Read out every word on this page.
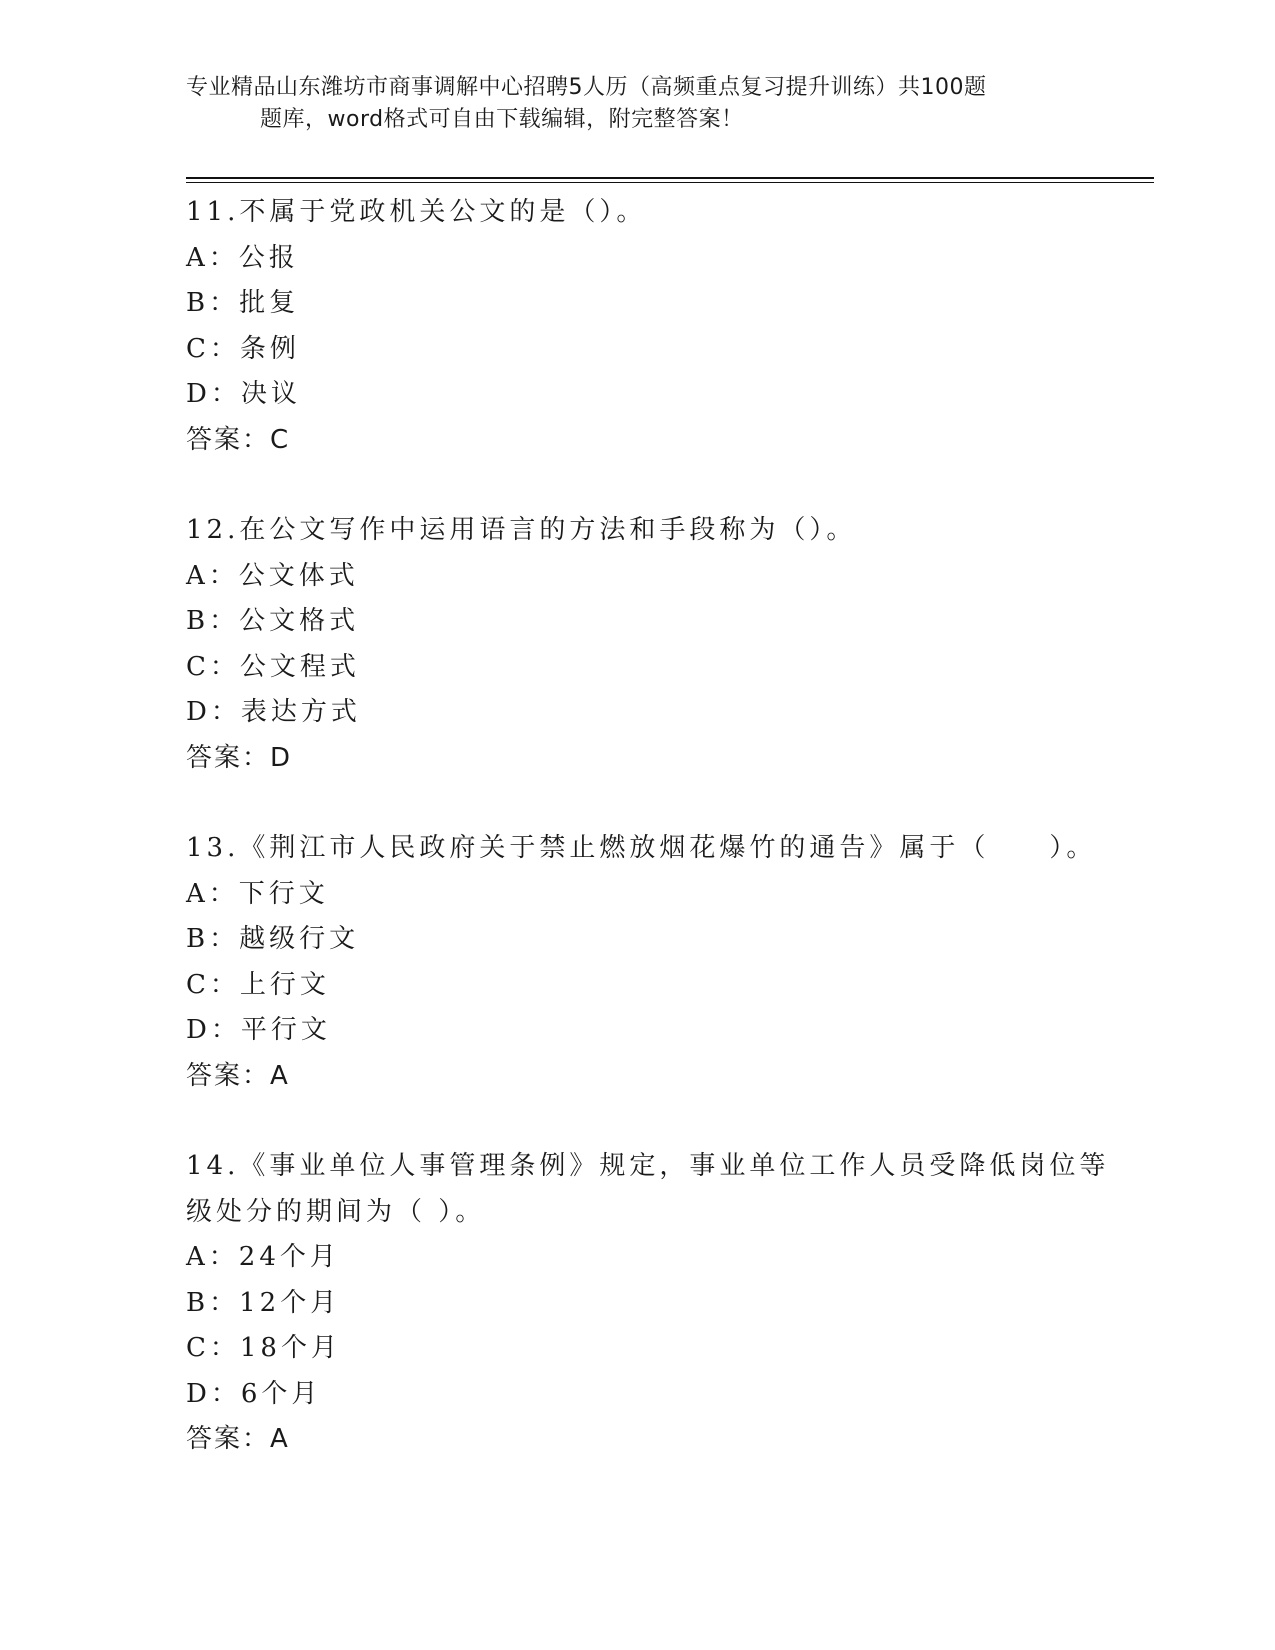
专业精品山东潍坊市商事调解中心招聘5人历（高频重点复习提升训练）共100题
题库，word格式可自由下载编辑，附完整答案！
11.不属于党政机关公文的是（）。
A：公报
B：批复
C：条例
D：决议
答案：C
12.在公文写作中运用语言的方法和手段称为（）。
A：公文体式
B：公文格式
C：公文程式
D：表达方式
答案：D
13.《荆江市人民政府关于禁止燃放烟花爆竹的通告》属于（　　）。
A：下行文
B：越级行文
C：上行文
D：平行文
答案：A
14.《事业单位人事管理条例》规定，事业单位工作人员受降低岗位等
级处分的期间为（ ）。
A：24个月
B：12个月
C：18个月
D：6个月
答案：A
